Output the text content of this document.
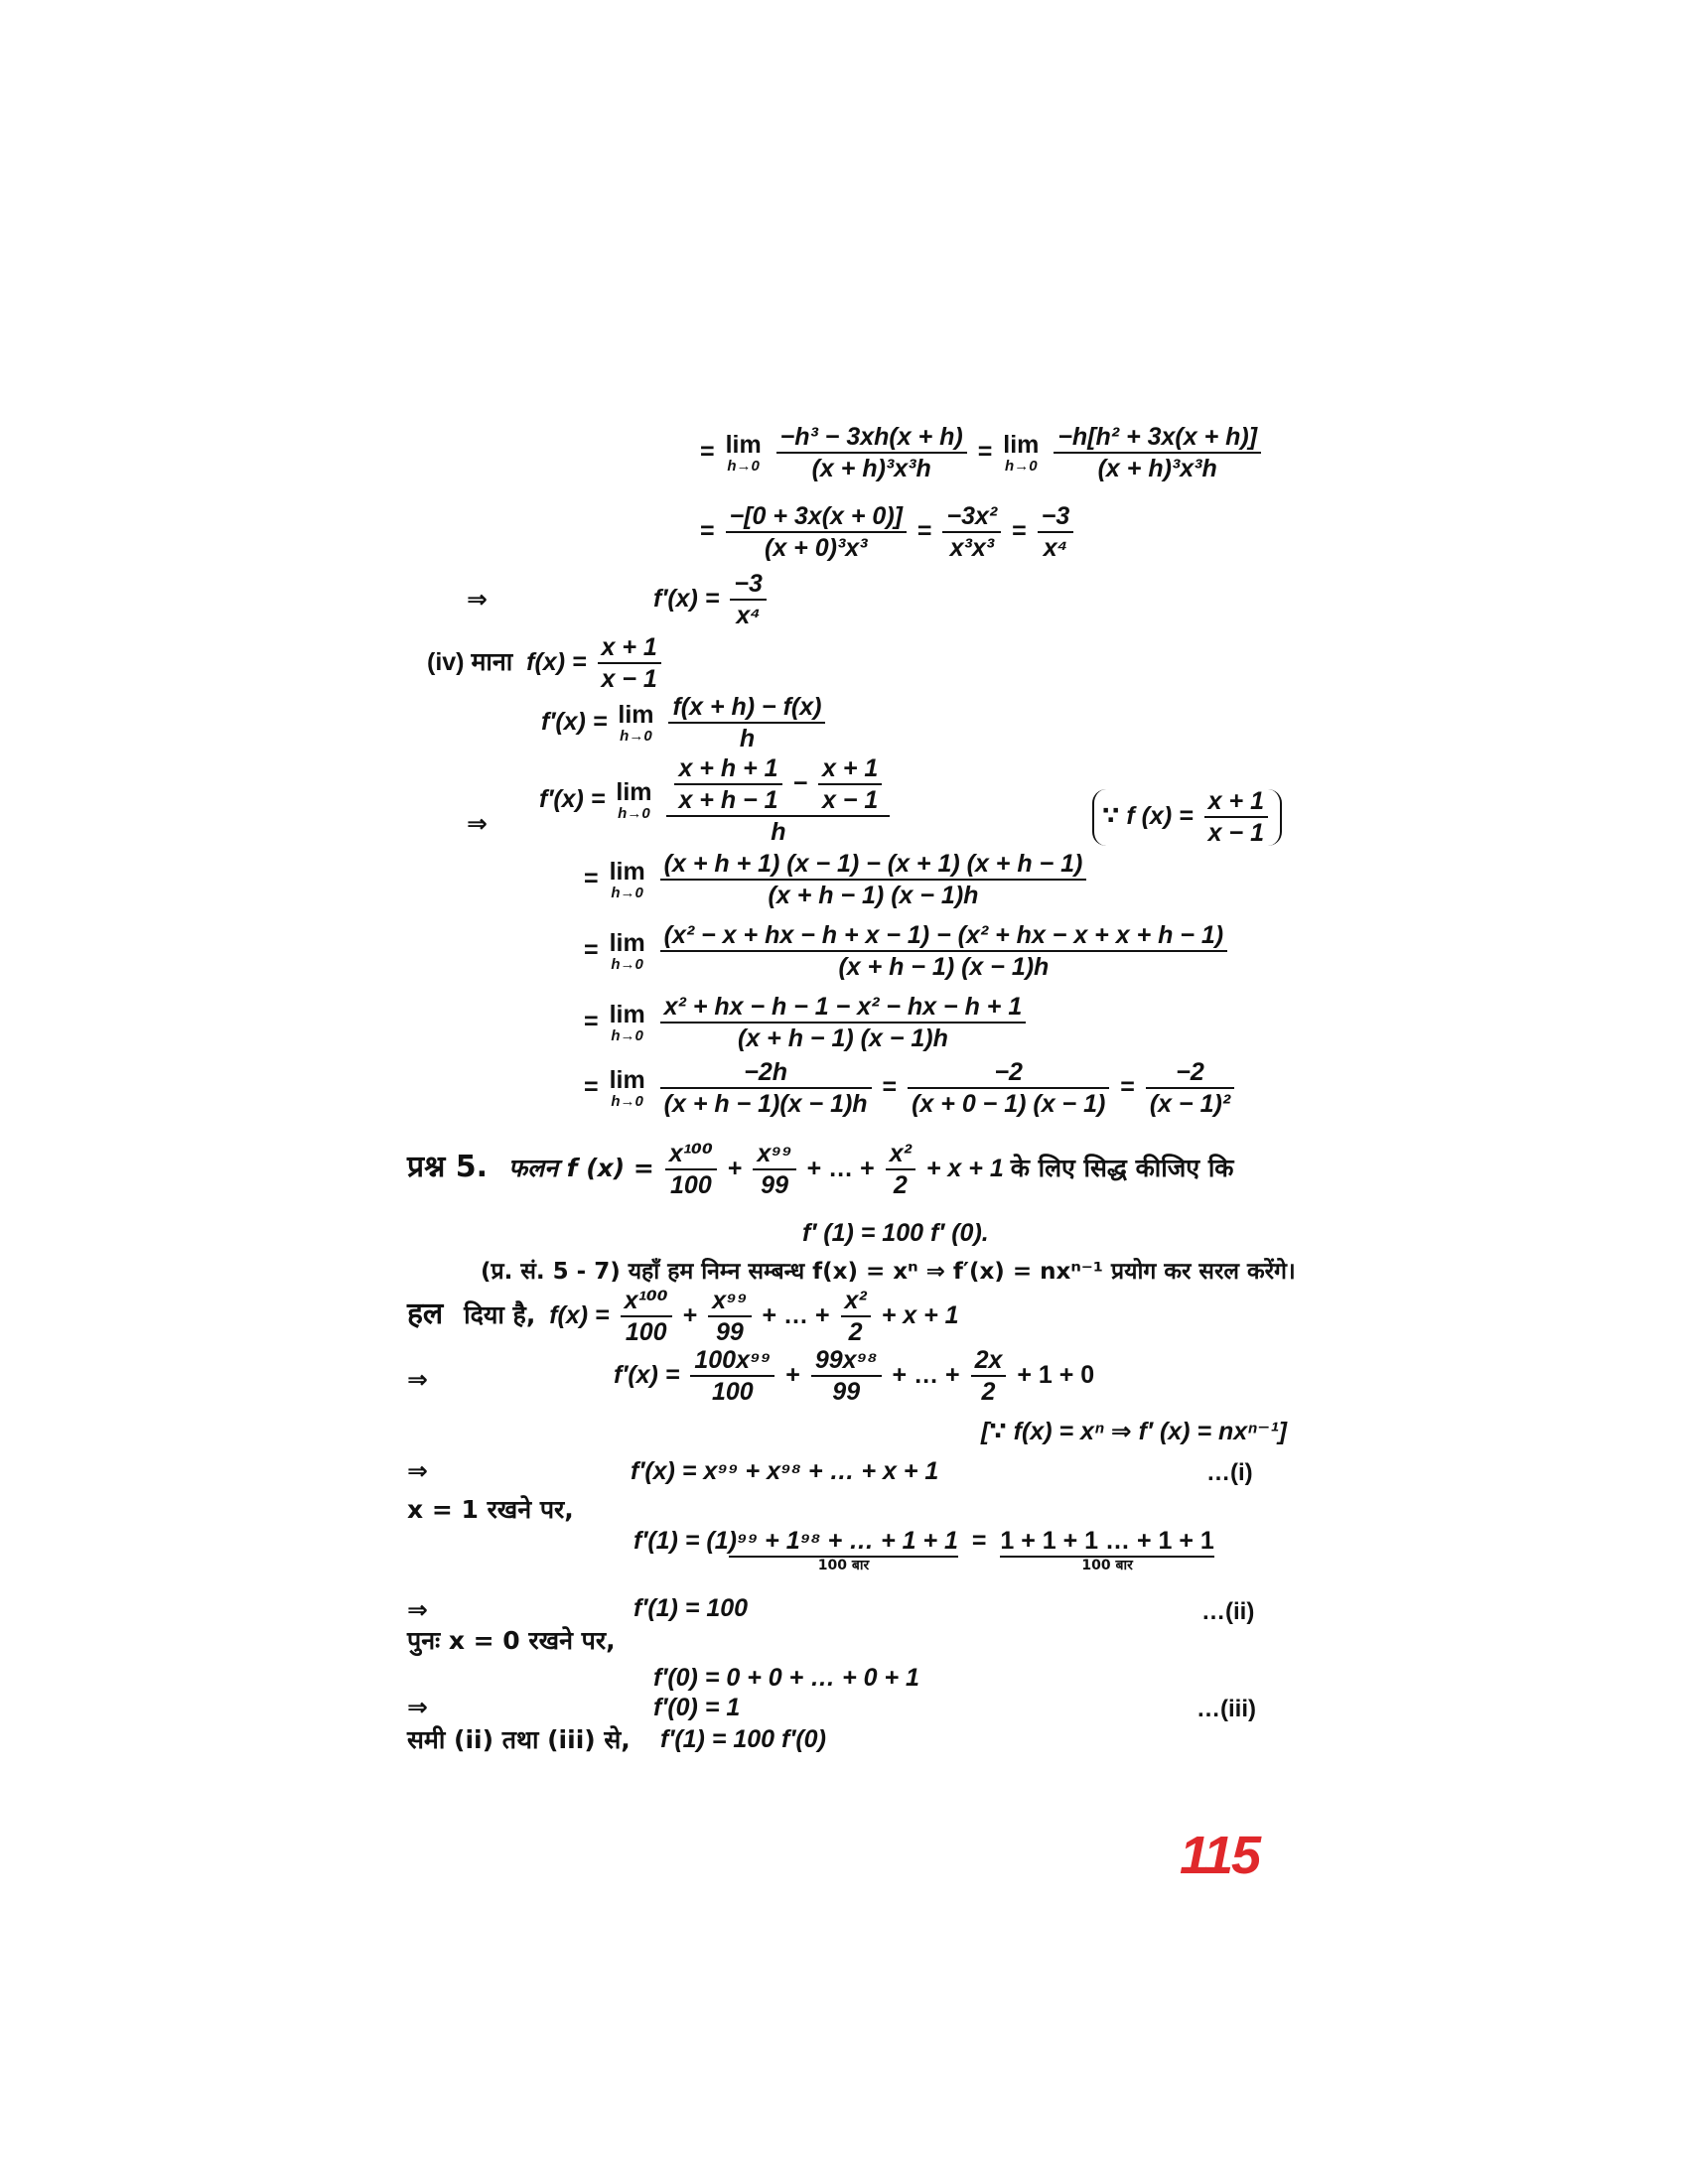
= lim
h→0
$\frac{\text{−h³ − 3xh(x + h)}}{\text{(x + h)³x³h}} = \lim$
h→0
$\frac{\text{−h[h² + 3x(x + h)]}}{\text{(x + h)³x³h}}$
= $\frac{-[0 + 3x(x + 0)]}{\text{(x + 0)³x³}} = \frac{\text{−3x²}}{\text{x³x³}} = \frac{-3}{\text{x⁴}}$
⇒	$f'(x) = \frac{-3}{\text{x⁴}}$
(iv) माना $f(x) = \frac{x + 1}{x - 1}$
f′(x) = lim
h→0
$\frac{f(x + h) - f(x)}{h}$
⇒
f′(x) = lim
h→0
$\frac{\frac{x + h + 1}{x + h - 1} - \frac{x + 1}{x - 1}}{h}$	∵ f $(x) = \frac{x + 1}{x - 1}$
= lim
h→0
$\frac{(x + h + 1) (x - 1) - (x + 1) (x + h - 1)}{(x + h - 1) (x - 1)h}$
= lim
h→0
$\frac{\text{(x² − x + hx − h + x − 1) − (x² + hx − x + x + h − 1)}}{(x + h - 1) (x - 1)h}$
= lim
h→0
$\frac{\text{x² + hx − h − 1 − x² − hx − h + 1}}{(x + h - 1) (x - 1)h}$
= lim
h→0
$\frac{-2h}{(x + h - 1)(x - 1)h} = \frac{-2}{(x + 0 - 1) (x - 1)} = \frac{-2}{\text{(x − 1)²}}$
प्रश्न 5. फलन f $(x) = \frac{\text{x¹⁰⁰}}{100} + \frac{\text{x⁹⁹}}{99}$ + … + $\frac{\text{x²}}{2} + x + 1$ के लिए सिद्ध कीजिए कि
f′ (1) = 100 f′ (0).
(प्र. सं. 5 - 7) यहाँ हम निम्न सम्बन्ध f(x) = xⁿ ⇒ f′(x) = nxⁿ⁻¹ प्रयोग कर सरल करेंगे।
हल दिया है, $f(x) = \frac{\text{x¹⁰⁰}}{100} + \frac{\text{x⁹⁹}}{99}$ + … + $\frac{\text{x²}}{2} + x + 1$
⇒	$f'(x) = \frac{\text{100x⁹⁹}}{100} + \frac{\text{99x⁹⁸}}{99}$ + … + $\frac{2x}{2} + 1 + 0$
[∵ f(x) = xⁿ ⇒ f′ (x) = nxⁿ⁻¹]
⇒	f′(x) = x⁹⁹ + x⁹⁸ + … + x + 1	…(i)
x = 1 रखने पर,
f′(1) = (1)⁹⁹ + 1⁹⁸ + … + 1 + 1
100 बार
= 1 + 1 + 1 … + 1 + 1
100 बार
⇒	f′(1) = 100	…(ii)
पुनः x = 0 रखने पर,
f′(0) = 0 + 0 + … + 0 + 1
⇒	f′(0) = 1	…(iii)
समी (ii) तथा (iii) से, f′(1) = 100 f′(0)
115
